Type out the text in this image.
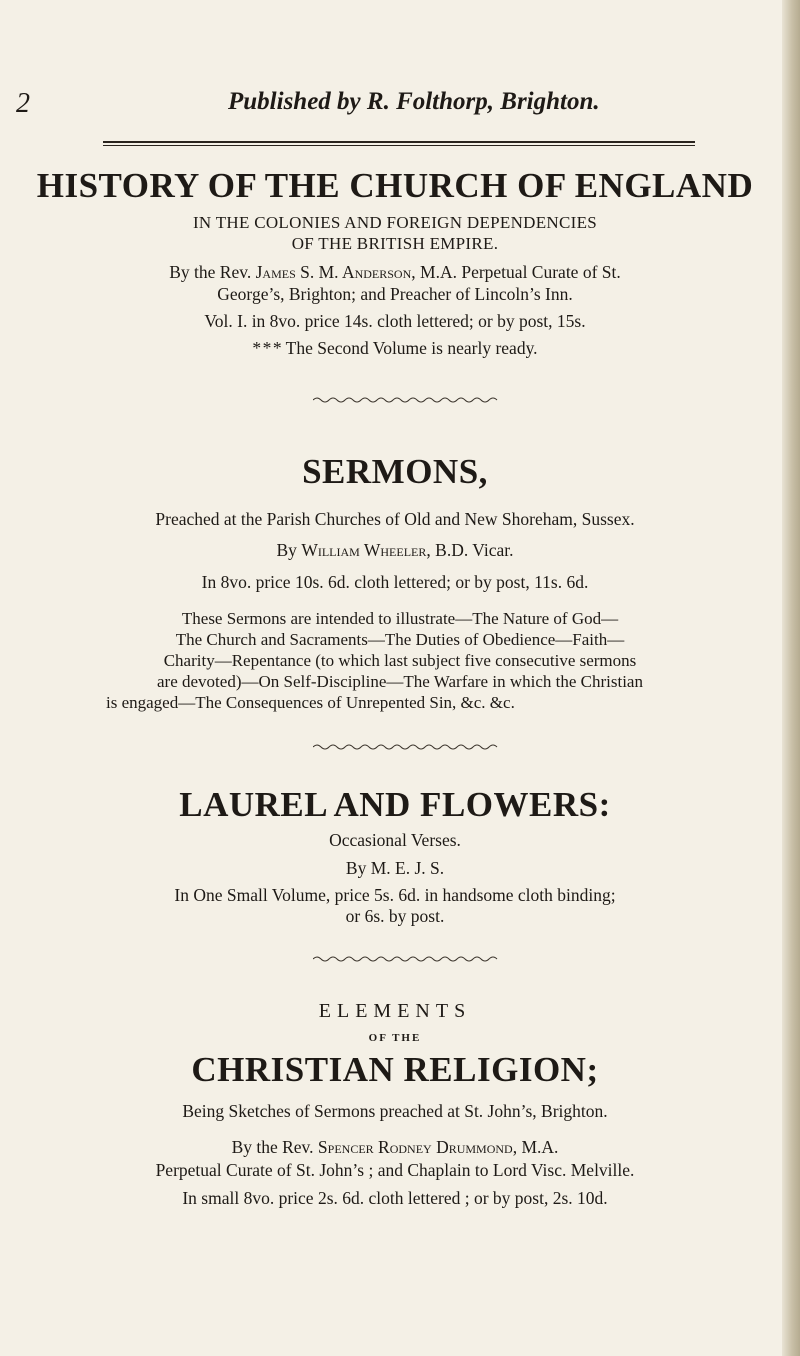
2	Published by R. Folthorp, Brighton.
HISTORY OF THE CHURCH OF ENGLAND
IN THE COLONIES AND FOREIGN DEPENDENCIES
OF THE BRITISH EMPIRE.
By the Rev. James S. M. Anderson, M.A. Perpetual Curate of St.
George’s, Brighton; and Preacher of Lincoln’s Inn.
Vol. I. in 8vo. price 14s. cloth lettered; or by post, 15s.
* * * The Second Volume is nearly ready.
SERMONS,
Preached at the Parish Churches of Old and New Shoreham, Sussex.
By William Wheeler, B.D. Vicar.
In 8vo. price 10s. 6d. cloth lettered; or by post, 11s. 6d.
These Sermons are intended to illustrate—The Nature of God—
The Church and Sacraments—The Duties of Obedience—Faith—
Charity—Repentance (to which last subject five consecutive sermons
are devoted)—On Self-Discipline—The Warfare in which the Christian
is engaged—The Consequences of Unrepented Sin, &c. &c.
LAUREL AND FLOWERS:
Occasional Verses.
By M. E. J. S.
In One Small Volume, price 5s. 6d. in handsome cloth binding;
or 6s. by post.
ELEMENTS
OF THE
CHRISTIAN RELIGION;
Being Sketches of Sermons preached at St. John’s, Brighton.
By the Rev. Spencer Rodney Drummond, M.A.
Perpetual Curate of St. John’s ; and Chaplain to Lord Visc. Melville.
In small 8vo. price 2s. 6d. cloth lettered ; or by post, 2s. 10d.
